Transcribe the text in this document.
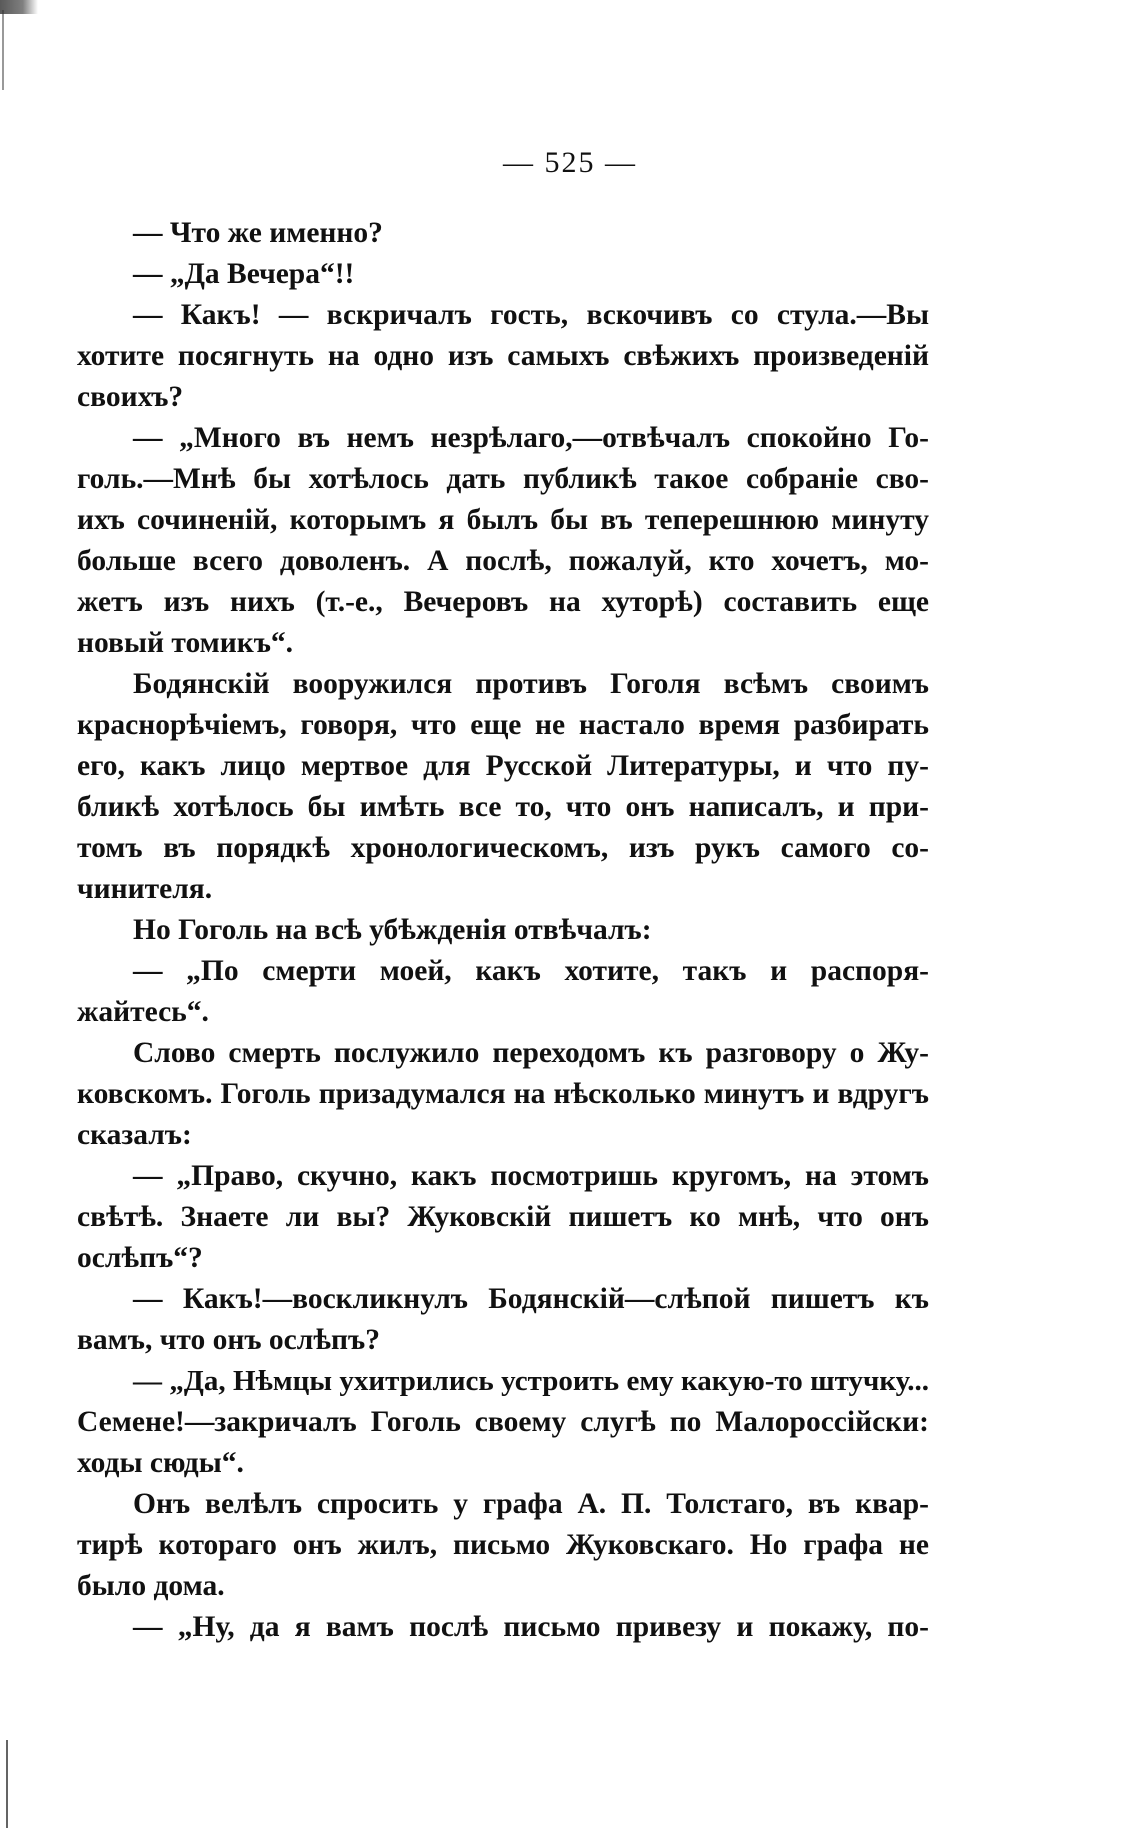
— 525 —
— Что же именно?
— „Да Вечера“!!
— Какъ! — вскричалъ гость, вскочивъ со стула.—Вы
хотите посягнуть на одно изъ самыхъ свѣжихъ произведеній
своихъ?
— „Много въ немъ незрѣлаго,—отвѣчалъ спокойно Го-
голь.—Мнѣ бы хотѣлось дать публикѣ такое собраніе сво-
ихъ сочиненій, которымъ я былъ бы въ теперешнюю минуту
больше всего доволенъ. А послѣ, пожалуй, кто хочетъ, мо-
жетъ изъ нихъ (т.-е., Вечеровъ на хуторѣ) составить еще
новый томикъ“.
Бодянскій вооружился противъ Гоголя всѣмъ своимъ
краснорѣчіемъ, говоря, что еще не настало время разбирать
его, какъ лицо мертвое для Русской Литературы, и что пу-
бликѣ хотѣлось бы имѣть все то, что онъ написалъ, и при-
томъ въ порядкѣ хронологическомъ, изъ рукъ самого со-
чинителя.
Но Гоголь на всѣ убѣжденія отвѣчалъ:
— „По смерти моей, какъ хотите, такъ и распоря-
жайтесь“.
Слово смерть послужило переходомъ къ разговору о Жу-
ковскомъ. Гоголь призадумался на нѣсколько минутъ и вдругъ
сказалъ:
— „Право, скучно, какъ посмотришь кругомъ, на этомъ
свѣтѣ. Знаете ли вы? Жуковскій пишетъ ко мнѣ, что онъ
ослѣпъ“?
— Какъ!—воскликнулъ Бодянскій—слѣпой пишетъ къ
вамъ, что онъ ослѣпъ?
— „Да, Нѣмцы ухитрились устроить ему какую-то штучку...
Семене!—закричалъ Гоголь своему слугѣ по Малороссійски:
ходы сюды“.
Онъ велѣлъ спросить у графа А. П. Толстаго, въ квар-
тирѣ котораго онъ жилъ, письмо Жуковскаго. Но графа не
было дома.
— „Ну, да я вамъ послѣ письмо привезу и покажу, по-
